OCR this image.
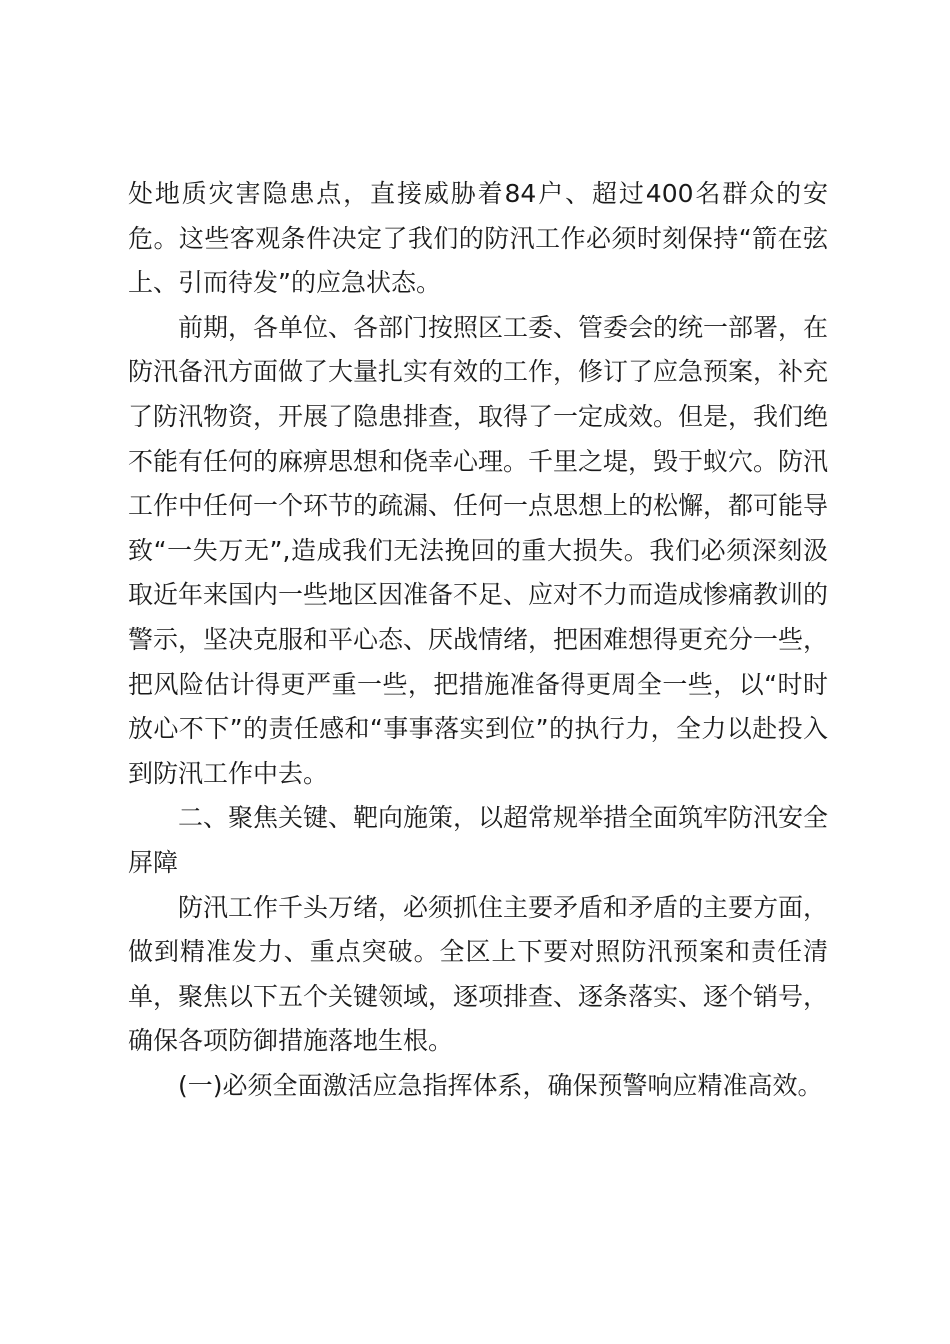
处地质灾害隐患点，直接威胁着84户、超过400名群众的安危。这些客观条件决定了我们的防汛工作必须时刻保持“箭在弦上、引而待发”的应急状态。

前期，各单位、各部门按照区工委、管委会的统一部署，在防汛备汛方面做了大量扎实有效的工作，修订了应急预案，补充了防汛物资，开展了隐患排查，取得了一定成效。但是，我们绝不能有任何的麻痹思想和侥幸心理。千里之堤，毁于蚁穴。防汛工作中任何一个环节的疏漏、任何一点思想上的松懈，都可能导致“一失万无”,造成我们无法挽回的重大损失。我们必须深刻汲取近年来国内一些地区因准备不足、应对不力而造成惨痛教训的警示，坚决克服和平心态、厌战情绪，把困难想得更充分一些，把风险估计得更严重一些，把措施准备得更周全一些，以“时时放心不下”的责任感和“事事落实到位”的执行力，全力以赴投入到防汛工作中去。

二、聚焦关键、靶向施策，以超常规举措全面筑牢防汛安全屏障

防汛工作千头万绪，必须抓住主要矛盾和矛盾的主要方面，做到精准发力、重点突破。全区上下要对照防汛预案和责任清单，聚焦以下五个关键领域，逐项排查、逐条落实、逐个销号，确保各项防御措施落地生根。

(一)必须全面激活应急指挥体系，确保预警响应精准高效。
